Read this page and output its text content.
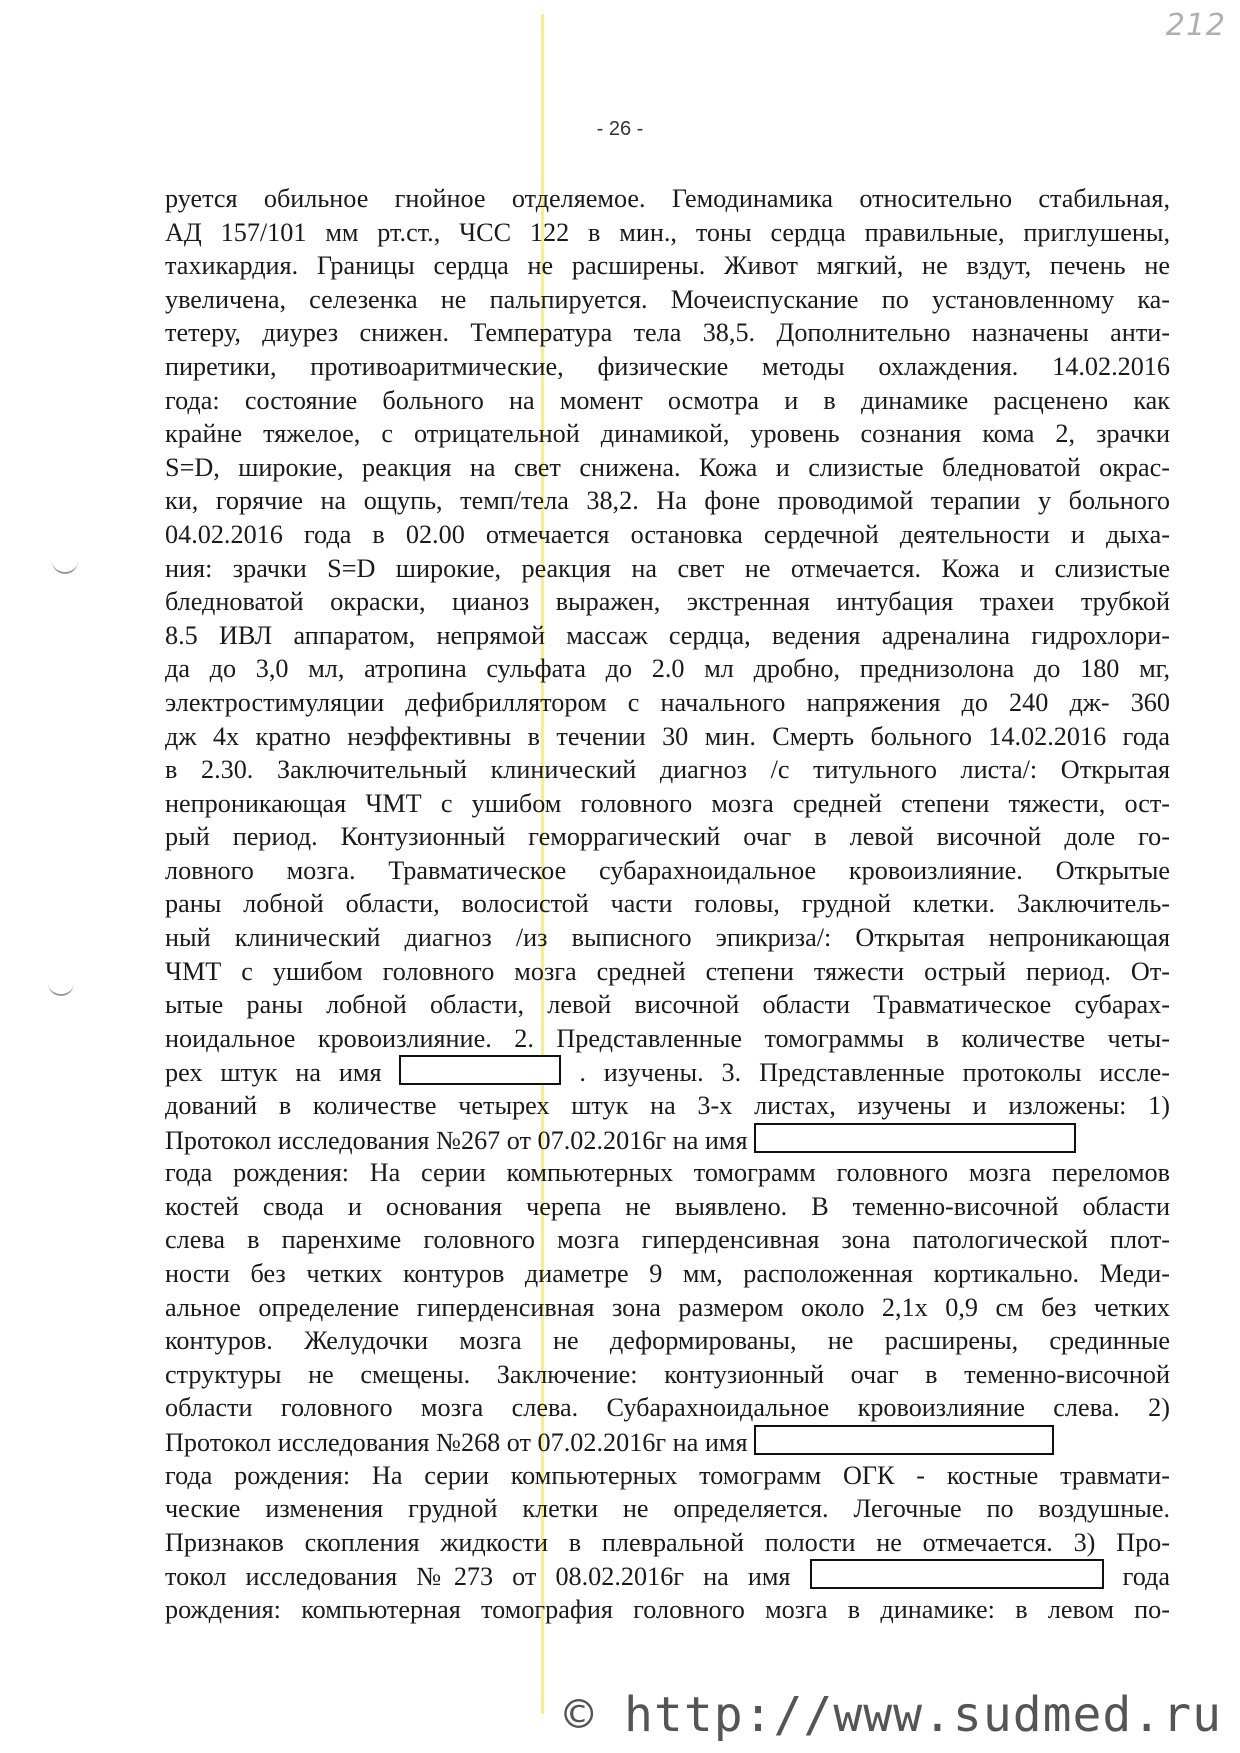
212
- 26 -
руется обильное гнойное отделяемое. Гемодинамика относительно стабильная,
АД 157/101 мм рт.ст., ЧСС 122 в мин., тоны сердца правильные, приглушены,
тахикардия. Границы сердца не расширены. Живот мягкий, не вздут, печень не
увеличена, селезенка не пальпируется. Мочеиспускание по установленному ка-
тетеру, диурез снижен. Температура тела 38,5. Дополнительно назначены анти-
пиретики, противоаритмические, физические методы охлаждения. 14.02.2016
года: состояние больного на момент осмотра и в динамике расценено как
крайне тяжелое, с отрицательной динамикой, уровень сознания кома 2, зрачки
S=D, широкие, реакция на свет снижена. Кожа и слизистые бледноватой окрас-
ки, горячие на ощупь, темп/тела 38,2. На фоне проводимой терапии у больного
04.02.2016 года в 02.00 отмечается остановка сердечной деятельности и дыха-
ния: зрачки S=D широкие, реакция на свет не отмечается. Кожа и слизистые
бледноватой окраски, цианоз выражен, экстренная интубация трахеи трубкой
8.5 ИВЛ аппаратом, непрямой массаж сердца, ведения адреналина гидрохлори-
да до 3,0 мл, атропина сульфата до 2.0 мл дробно, преднизолона до 180 мг,
электростимуляции дефибриллятором с начального напряжения до 240 дж- 360
дж 4х кратно неэффективны в течении 30 мин. Смерть больного 14.02.2016 года
в 2.30. Заключительный клинический диагноз /с титульного листа/: Открытая
непроникающая ЧМТ с ушибом головного мозга средней степени тяжести, ост-
рый период. Контузионный геморрагический очаг в левой височной доле го-
ловного мозга. Травматическое субарахноидальное кровоизлияние. Открытые
раны лобной области, волосистой части головы, грудной клетки. Заключитель-
ный клинический диагноз /из выписного эпикриза/: Открытая непроникающая
ЧМТ с ушибом головного мозга средней степени тяжести острый период. От-
ытые раны лобной области, левой височной области Травматическое субарах-
ноидальное кровоизлияние. 2. Представленные томограммы в количестве четы-
рех штук на имя	. изучены. 3. Представленные протоколы иссле-
дований в количестве четырех штук на 3-х листах, изучены и изложены: 1)
Протокол исследования №267 от 07.02.2016г на имя
года рождения: На серии компьютерных томограмм головного мозга переломов
костей свода и основания черепа не выявлено. В теменно-височной области
слева в паренхиме головного мозга гиперденсивная зона патологической плот-
ности без четких контуров диаметре 9 мм, расположенная кортикально. Меди-
альное определение гиперденсивная зона размером около 2,1х 0,9 см без четких
контуров. Желудочки мозга не деформированы, не расширены, срединные
структуры не смещены. Заключение: контузионный очаг в теменно-височной
области головного мозга слева. Субарахноидальное кровоизлияние слева. 2)
Протокол исследования №268 от 07.02.2016г на имя
года рождения: На серии компьютерных томограмм ОГК - костные травмати-
ческие изменения грудной клетки не определяется. Легочные по воздушные.
Признаков скопления жидкости в плевральной полости не отмечается. 3) Про-
токол исследования №273 от 08.02.2016г на имя	года
рождения: компьютерная томография головного мозга в динамике: в левом по-
© http://www.sudmed.ru
